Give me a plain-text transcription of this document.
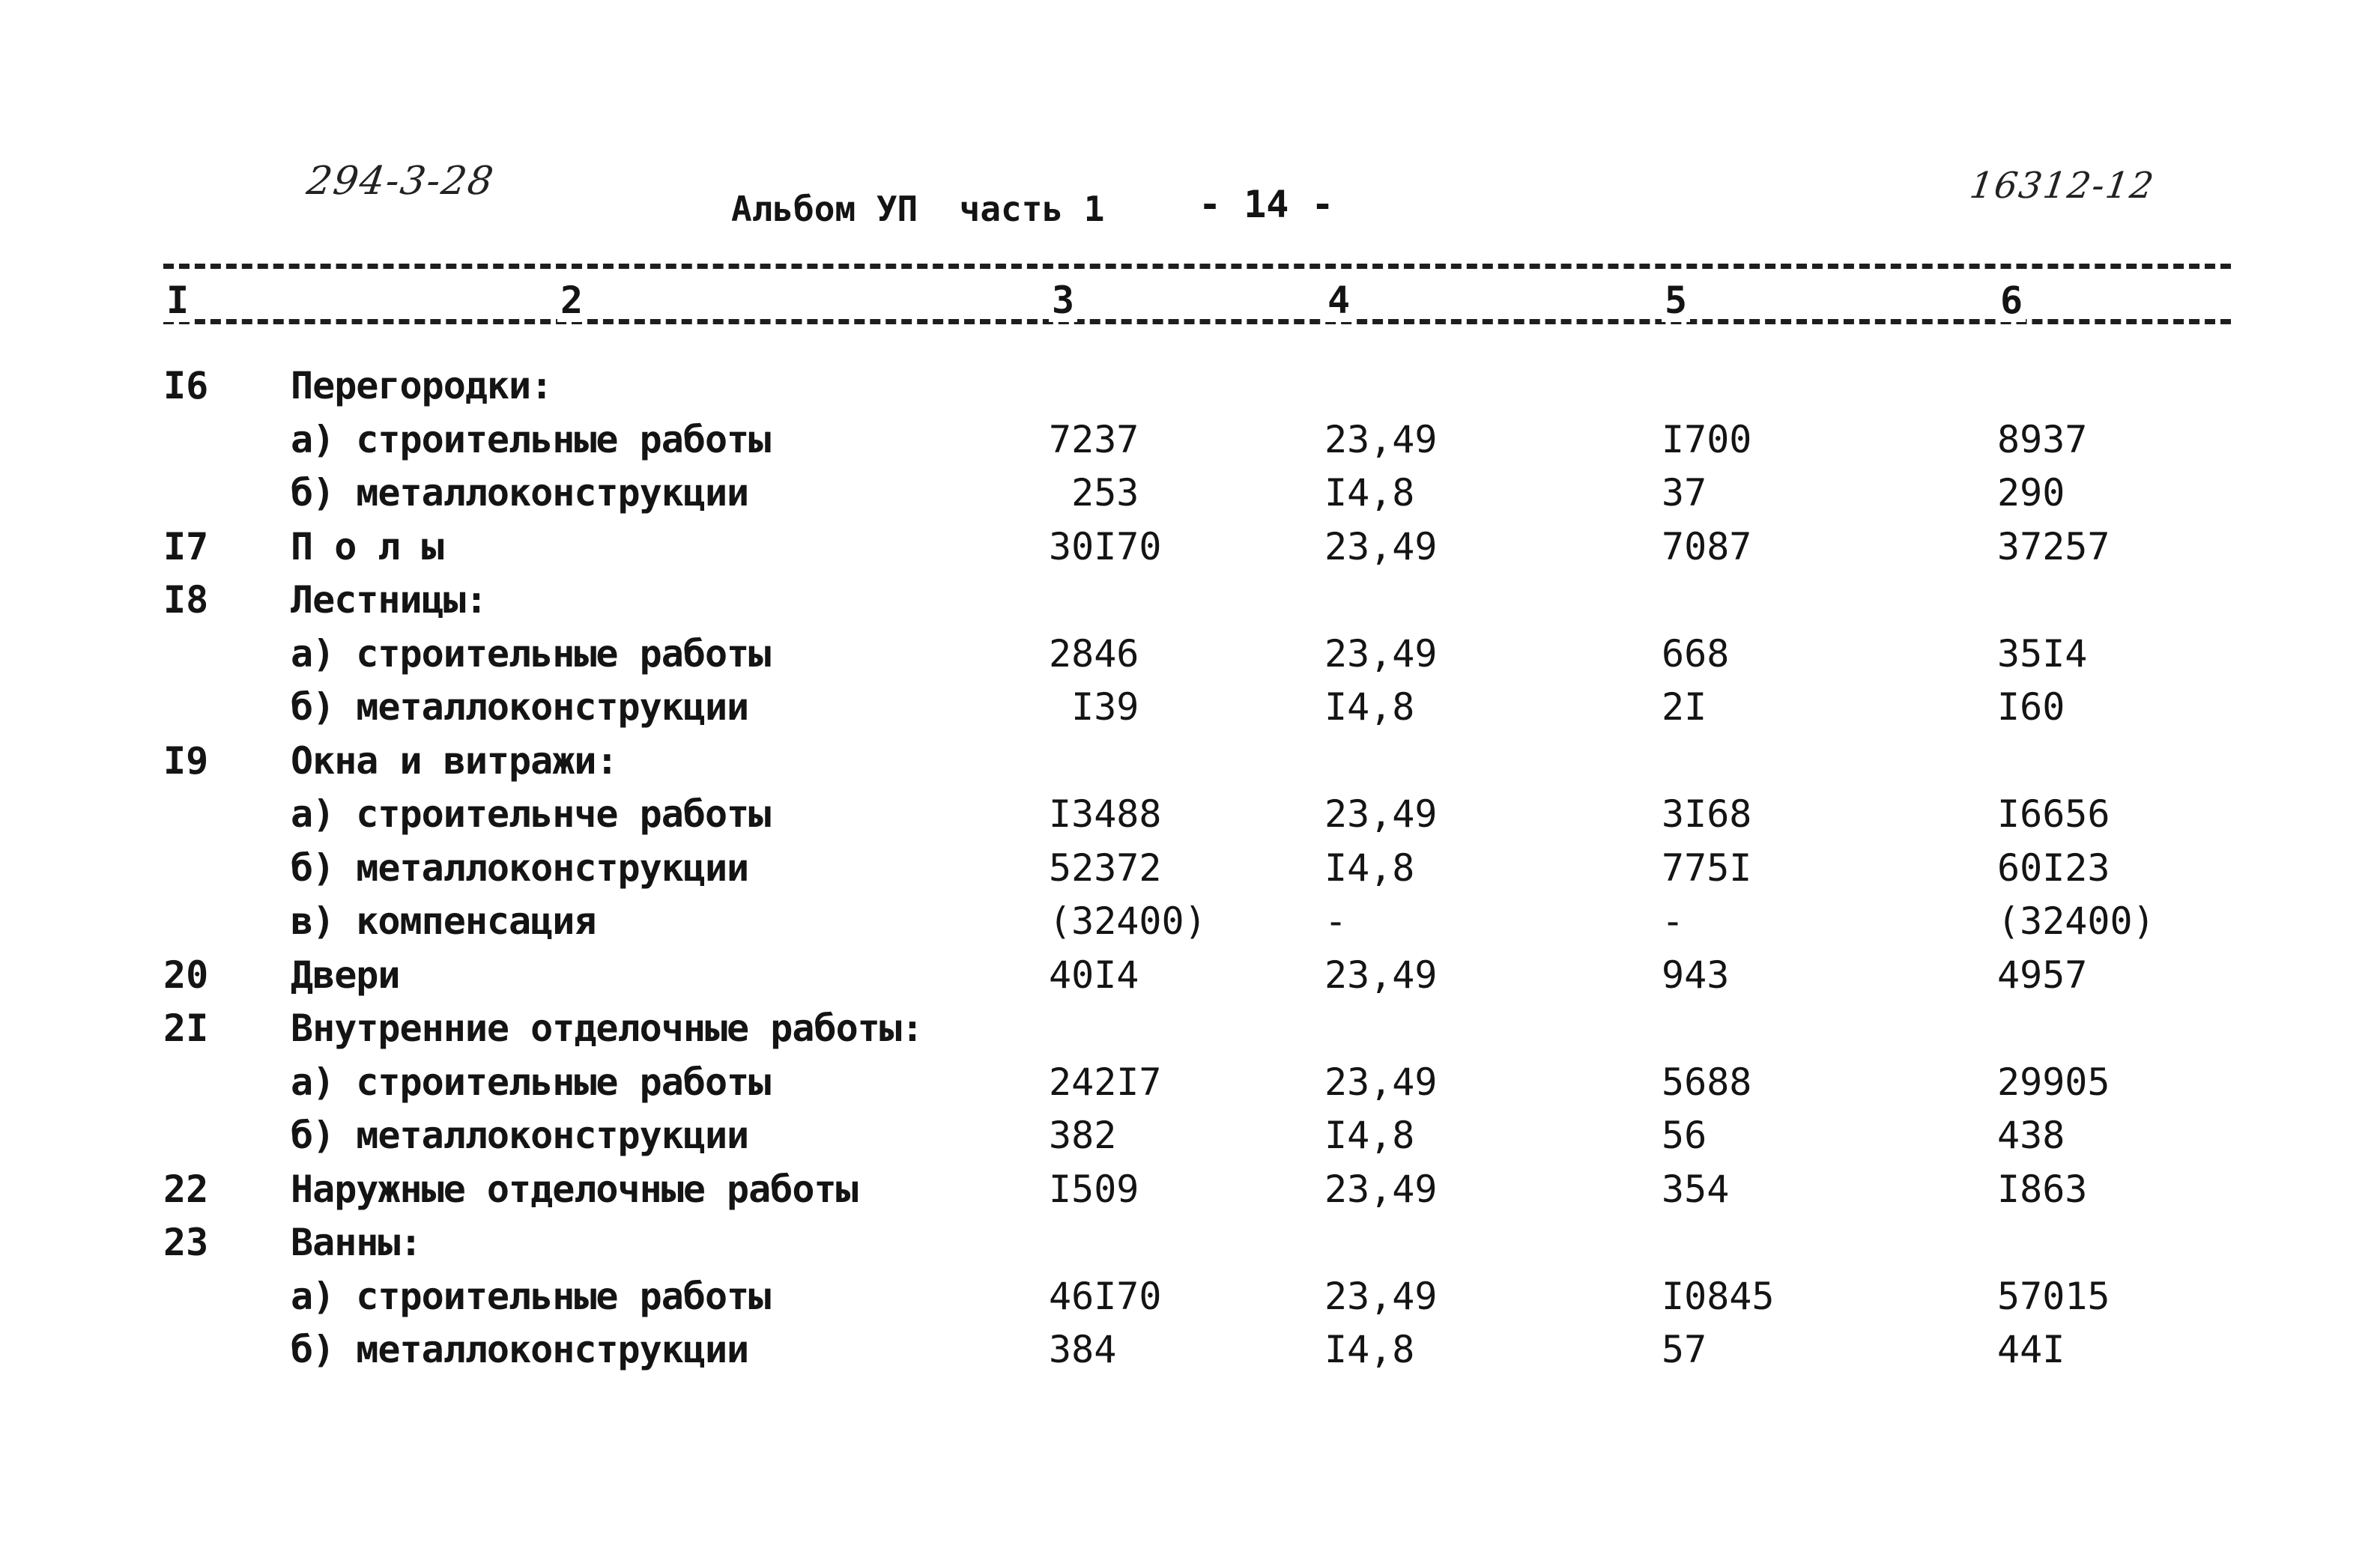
294-3-28
Альбом УП  часть 1	- 14 -	16312-12
I	2	3	4	5	6
I6 Перегородки:
а) строительные работы	7237	23,49	I700	8937
б) металлоконструкции	253	I4,8	37	290
I7 П о л ы	30I70	23,49	7087	37257
I8 Лестницы:
а) строительные работы	2846	23,49	668	35I4
б) металлоконструкции	I39	I4,8	2I	I60
I9 Окна и витражи:
а) строительнче работы	I3488	23,49	3I68	I6656
б) металлоконструкции	52372	I4,8	775I	60I23
в) компенсация	(32400)	-	-	(32400)
20 Двери	40I4	23,49	943	4957
2I Внутренние отделочные работы:
а) строительные работы	242I7	23,49	5688	29905
б) металлоконструкции	382	I4,8	56	438
22 Наружные отделочные работы	I509	23,49	354	I863
23 Ванны:
а) строительные работы	46I70	23,49	I0845	57015
б) металлоконструкции	384	I4,8	57	44I
